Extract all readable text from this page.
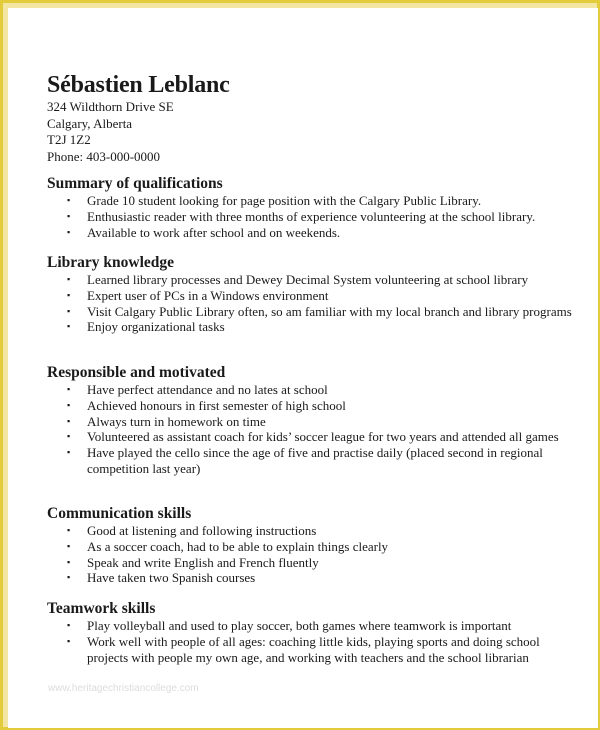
Sébastien Leblanc
324 Wildthorn Drive SE
Calgary, Alberta
T2J 1Z2
Phone: 403-000-0000
Summary of qualifications
▪ Grade 10 student looking for page position with the Calgary Public Library.
▪ Enthusiastic reader with three months of experience volunteering at the school library.
▪ Available to work after school and on weekends.
Library knowledge
▪ Learned library processes and Dewey Decimal System volunteering at school library
▪ Expert user of PCs in a Windows environment
▪ Visit Calgary Public Library often, so am familiar with my local branch and library programs
▪ Enjoy organizational tasks
Responsible and motivated
▪ Have perfect attendance and no lates at school
▪ Achieved honours in first semester of high school
▪ Always turn in homework on time
▪ Volunteered as assistant coach for kids’ soccer league for two years and attended all games
▪ Have played the cello since the age of five and practise daily (placed second in regional competition last year)
Communication skills
▪ Good at listening and following instructions
▪ As a soccer coach, had to be able to explain things clearly
▪ Speak and write English and French fluently
▪ Have taken two Spanish courses
Teamwork skills
▪ Play volleyball and used to play soccer, both games where teamwork is important
▪ Work well with people of all ages: coaching little kids, playing sports and doing school projects with people my own age, and working with teachers and the school librarian
www.heritagechristiancollege.com
